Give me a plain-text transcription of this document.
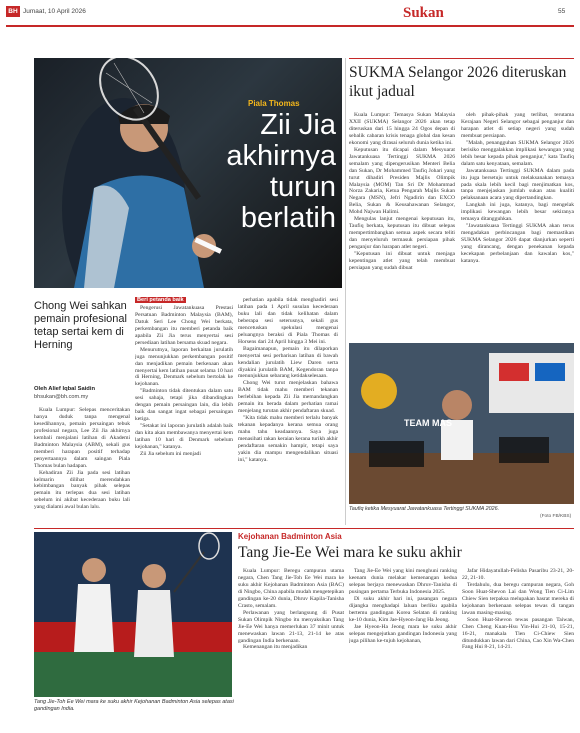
BH Jumaat, 10 April 2026	Sukan	55
Piala Thomas
Zii Jia akhirnya turun berlatih
Chong Wei sahkan pemain profesional tetap sertai kem di Herning
Oleh Alief Iqbal Saidin
bhsukan@bh.com.my

Kuala Lumpur: Selepas menceritakan hanya duduk tanpa mengenal kesedihannya, pemain persaingan tebuk profesional negara, Lee Zii Jia akhirnya kembali menjalani latihan di Akademi Badminton Malaysia (ABM), sekali gus memberi harapan positif terhadap penyertaannya dalam saingan Piala Thomas bulan hadapan.

Kehadiran Zii Jia pada sesi latihan kelmarin dilihat merendahkan kebimbangan banyak pihak selepas pemain itu terlepas dua sesi latihan sebelum ini akibat kecederaan buku lali yang dialami awal bulan lalu.

Beri petanda baik

Pengerusi Jawatankuasa Prestasi Persatuan Badminton Malaysia (BAM), Datuk Seri Lee Chong Wei berkata, perkembangan itu memberi petanda baik apabila Zii Jia terus menyertai sesi persediaan latihan bersama skuad negara.

Menurutnya, laporan berkaitan jurulatih juga menunjukkan perkembangan positif dan menjadikan pemain berkenaan akan menyertai kem latihan pusat selama 10 hari di Herning, Denmark sebelum bertolak ke kejohanan.

"Badminton tidak ditentukan dalam satu sesi sahaja, tetapi jika dibandingkan dengan pemain persaingan lain, dia lebih baik dan sangat ingat sebagai persaingan ketiga.

"Setakat ini laporan jurulatih adalah baik dan kita akan membawanya menyertai kem latihan 10 hari di Denmark sebelum kejohanan," katanya.

Zii Jia sebelum ini menjadi

perhatian apabila tidak menghadiri sesi latihan pada 1 April susulan kecederaan buku lali dan tidak kelihatan dalam beberapa sesi seterusnya, sekali gus mencetuskan spekulasi mengenai peluangnya beraksi di Piala Thomas di Horsens dari 24 April hingga 3 Mei ini.

Bagaimanapun, pemain itu dilaporkan menyertai sesi perbarisan latihan di bawah kendalian jurulatih Liew Daren serta diyakini jurulatih BAM, Kegendoran tanpa menunjukkan sebarang ketidakselesaan.

Chong Wei turut menjelaskan bahawa BAM tidak mahu memberi tekanan berlebihan kepada Zii Jia memandangkan pemain itu berada dalam perhatian ramai menjelang turutan akhir pendaftaran skuad.

"Kita tidak mahu memberi terlalu banyak tekanan kepadanya kerana semua orang mahu tahu keadaannya. Saya juga menasihati rakan keraian kerana turikh akhir pendaftaran semakin hampir, tetapi saya yakin dia mampu mengendalikan situasi ini," katanya.

SUKMA Selangor 2026 diteruskan ikut jadual

Kuala Lumpur: Temasya Sukan Malaysia XXII (SUKMA) Selangor 2026 akan tetap diteruskan dari 15 hingga 24 Ogos depan di sebalik cabaran krisis tenaga global dan kesan ekonomi yang dirasai seluruh dunia ketika ini.

Keputusan itu dicapai dalam Mesyuarat Jawatankuasa Tertinggi SUKMA 2026 semalam yang dipengerusikan Menteri Belia dan Sukan, Dr Mohammed Taufiq Johari yang turut dihadiri Presiden Majlis Olimpik Malaysia (MOM) Tan Sri Dr Mohammad Norza Zakaria, Ketua Pengarah Majlis Sukan Negara (MSN), Jefri Ngadirin dan EXCO Belia, Sukan & Keusahawanan Selangor, Mohd Najwan Halimi.

Mengulas lanjut mengenai keputusan itu, Taufiq berkata, keputusan itu dibuat selepas mempertimbangkan semua aspek secara teliti dan menyeluruh termasuk persiapan pihak penganjur dan harapan atlet negeri.

"Keputusan ini dibuat untuk menjaga kepentingan atlet yang telah membuat persiapan yang sudah dibuat

oleh pihak-pihak yang terlibat, terutama Kerajaan Negeri Selangor sebagai penganjur dan harapan atlet di setiap negeri yang sudah membuat persiapan.

"Malah, penangguhan SUKMA Selangor 2026 berisiko menggalakkan implikasi kewangan yang lebih besar kepada pihak penganjur," kata Taufiq dalam satu kenyataan, semalam.

Jawatankuasa Tertinggi SUKMA dalam pada itu juga bersetuju untuk melaksanakan temasya pada skala lebih kecil bagi menjimatkan kos, tanpa menjejaskan jumlah sukan atau kualiti pelaksanaan acara yang dipertandingkan.

Langkah ini juga, katanya, bagi mengelak implikasi kewangan lebih besar sekiranya temasya ditangguhkan.

"Jawatankuasa Tertinggi SUKMA akan terus mengadakan perbincangan bagi memastikan SUKMA Selangor 2026 dapat dianjurkan seperti yang dirancang, dengan penekanan kepada kecekapan perbelanjaan dan kawalan kos," katanya.

TEAM MAS
Taufiq ketika Mesyuarat Jawatankuasa Tertinggi SUKMA 2026.
(Foto FB/KBS)
Kejohanan Badminton Asia
Tang Jie-Ee Wei mara ke suku akhir
Tang Jie-Toh Ee Wei mara ke suku akhir Kejohanan Badminton Asia selepas atasi gandingan India.

Kuala Lumpur: Beregu campuran utama negara, Chen Tang Jie-Toh Ee Wei mara ke suku akhir Kejohanan Badminton Asia (BAC) di Ningbo, China apabila mudah mengetepikan gandingan ke-20 dunia, Dhruv Kapila-Tanisha Crasto, semalam.

Perlawanan yang berlangsung di Pusat Sukan Olimpik Ningbo itu menyaksikan Tang Jie-Ee Wei hanya memerlukan 37 minit untuk menewaskan lawan 21-13, 21-14 ke atas gandingan India berkenaan.

Kemenangan itu menjadikan

Tang Jie-Ee Wei yang kini menghuni ranking keenam dunia melakar kemenangan kedua selepas berjaya menewaskan Dhruv-Tanisha di pusingan pertama Terbuka Indonesia 2025.

Di suku akhir hari ini, pasangan negara dijangka menghadapi laluan berliku apabila bertemu gandingan Korea Selatan di ranking ke-10 dunia, Kim Jae-Hyeon-Jang Ha Jeong.

Jae Hyeon-Ha Jeong mara ke suku akhir selepas mengejutkan gandingan Indonesia yang juga pilihan ke-tujuh kejohanan,

Jafar Hidayatullah-Felisha Pasaribu 23-21, 20-22, 21-10.

Terdahulu, dua beregu campuran negara, Goh Soon Huat-Shevon Lai dan Wong Tien Ci-Lim Chiew Sien terpaksa melupakan hasrat mereka di kejohanan berkenaan selepas tewas di tangan lawan masing-masing.

Soon Huat-Shevon tewas pasangan Taiwan, Chen Cheng Kuan-Hsu Yin-Hui 21-10, 15-21, 16-21, manakala Tien Ci-Chiew Sien ditundukkan lawan dari China, Cao Xin Wa-Chen Fang Hui 8-21, 14-21.
